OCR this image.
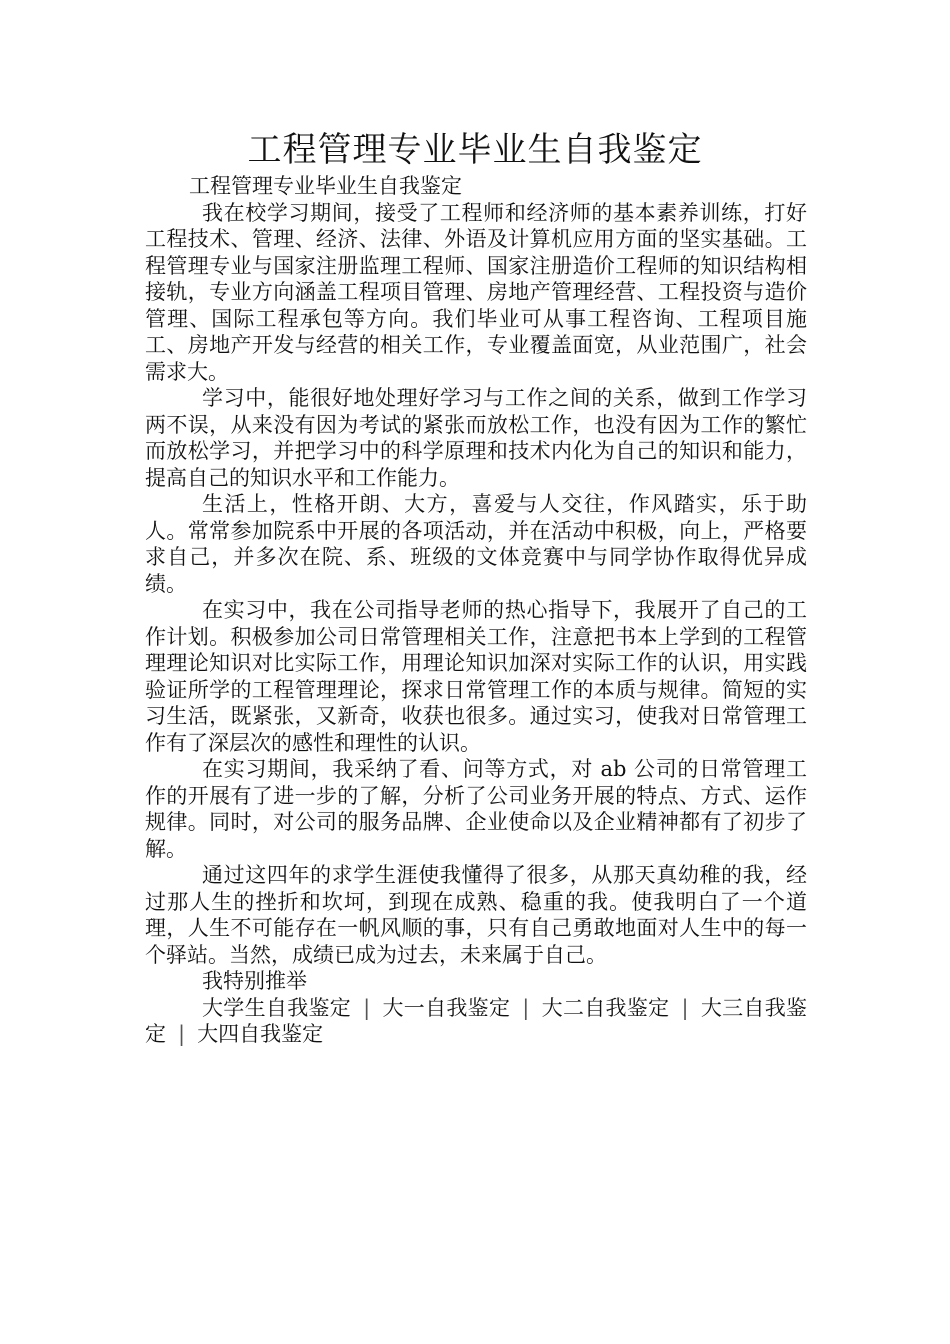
工程管理专业毕业生自我鉴定

工程管理专业毕业生自我鉴定

我在校学习期间，接受了工程师和经济师的基本素养训练，打好工程技术、管理、经济、法律、外语及计算机应用方面的坚实基础。工程管理专业与国家注册监理工程师、国家注册造价工程师的知识结构相接轨，专业方向涵盖工程项目管理、房地产管理经营、工程投资与造价管理、国际工程承包等方向。我们毕业可从事工程咨询、工程项目施工、房地产开发与经营的相关工作，专业覆盖面宽，从业范围广，社会需求大。

学习中，能很好地处理好学习与工作之间的关系，做到工作学习两不误，从来没有因为考试的紧张而放松工作，也没有因为工作的繁忙而放松学习，并把学习中的科学原理和技术内化为自己的知识和能力，提高自己的知识水平和工作能力。

生活上，性格开朗、大方，喜爱与人交往，作风踏实，乐于助人。常常参加院系中开展的各项活动，并在活动中积极，向上，严格要求自己，并多次在院、系、班级的文体竞赛中与同学协作取得优异成绩。

在实习中，我在公司指导老师的热心指导下，我展开了自己的工作计划。积极参加公司日常管理相关工作，注意把书本上学到的工程管理理论知识对比实际工作，用理论知识加深对实际工作的认识，用实践验证所学的工程管理理论，探求日常管理工作的本质与规律。简短的实习生活，既紧张，又新奇，收获也很多。通过实习，使我对日常管理工作有了深层次的感性和理性的认识。

在实习期间，我采纳了看、问等方式，对 ab 公司的日常管理工作的开展有了进一步的了解，分析了公司业务开展的特点、方式、运作规律。同时，对公司的服务品牌、企业使命以及企业精神都有了初步了解。

通过这四年的求学生涯使我懂得了很多，从那天真幼稚的我，经过那人生的挫折和坎坷，到现在成熟、稳重的我。使我明白了一个道理，人生不可能存在一帆风顺的事，只有自己勇敢地面对人生中的每一个驿站。当然，成绩已成为过去，未来属于自己。

我特别推举

大学生自我鉴定 | 大一自我鉴定 | 大二自我鉴定 | 大三自我鉴定 | 大四自我鉴定
